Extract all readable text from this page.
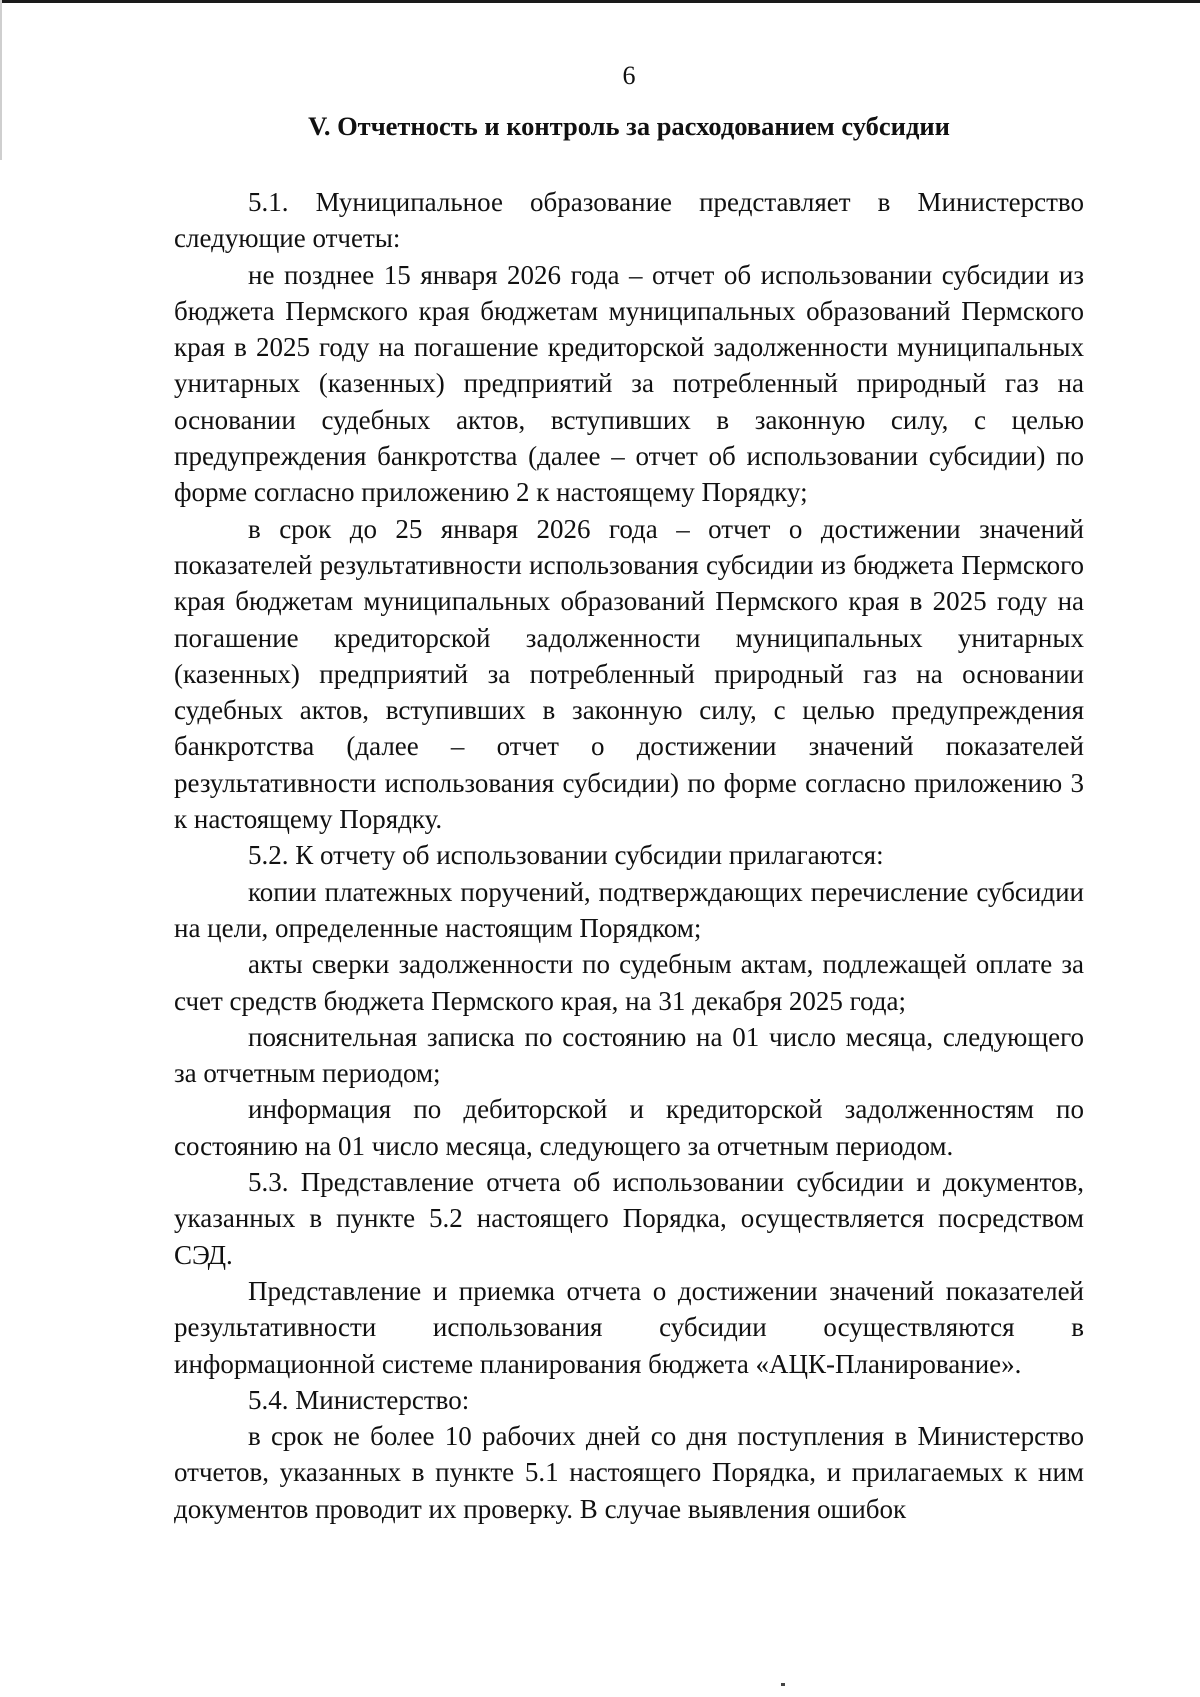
6

V. Отчетность и контроль за расходованием субсидии

5.1. Муниципальное образование представляет в Министерство следующие отчеты:

не позднее 15 января 2026 года – отчет об использовании субсидии из бюджета Пермского края бюджетам муниципальных образований Пермского края в 2025 году на погашение кредиторской задолженности муниципальных унитарных (казенных) предприятий за потребленный природный газ на основании судебных актов, вступивших в законную силу, с целью предупреждения банкротства (далее – отчет об использовании субсидии) по форме согласно приложению 2 к настоящему Порядку;

в срок до 25 января 2026 года – отчет о достижении значений показателей результативности использования субсидии из бюджета Пермского края бюджетам муниципальных образований Пермского края в 2025 году на погашение кредиторской задолженности муниципальных унитарных (казенных) предприятий за потребленный природный газ на основании судебных актов, вступивших в законную силу, с целью предупреждения банкротства (далее – отчет о достижении значений показателей результативности использования субсидии) по форме согласно приложению 3 к настоящему Порядку.

5.2. К отчету об использовании субсидии прилагаются:

копии платежных поручений, подтверждающих перечисление субсидии на цели, определенные настоящим Порядком;

акты сверки задолженности по судебным актам, подлежащей оплате за счет средств бюджета Пермского края, на 31 декабря 2025 года;

пояснительная записка по состоянию на 01 число месяца, следующего за отчетным периодом;

информация по дебиторской и кредиторской задолженностям по состоянию на 01 число месяца, следующего за отчетным периодом.

5.3. Представление отчета об использовании субсидии и документов, указанных в пункте 5.2 настоящего Порядка, осуществляется посредством СЭД.

Представление и приемка отчета о достижении значений показателей результативности использования субсидии осуществляются в информационной системе планирования бюджета «АЦК-Планирование».

5.4. Министерство:

в срок не более 10 рабочих дней со дня поступления в Министерство отчетов, указанных в пункте 5.1 настоящего Порядка, и прилагаемых к ним документов проводит их проверку. В случае выявления ошибок
